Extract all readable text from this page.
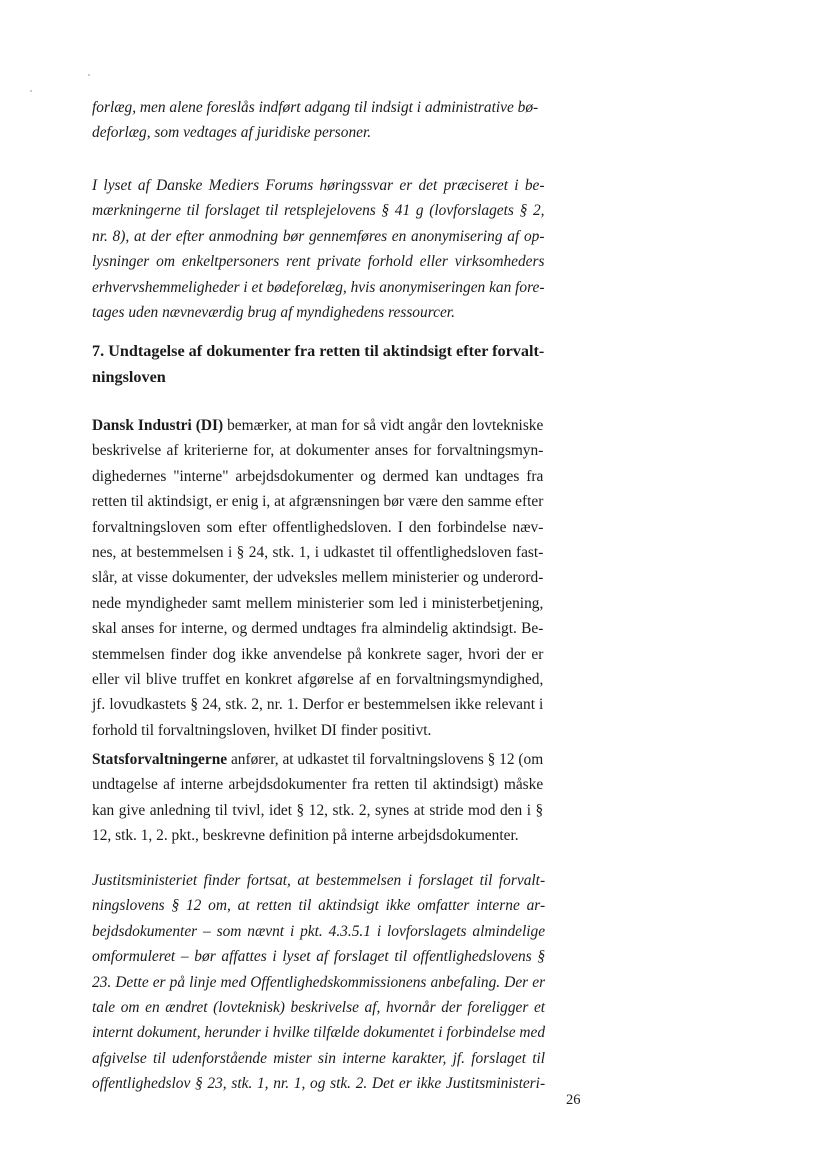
forlæg, men alene foreslås indført adgang til indsigt i administrative bø-
deforlæg, som vedtages af juridiske personer.

I lyset af Danske Mediers Forums høringssvar er det præciseret i be-
mærkningerne til forslaget til retsplejelovens § 41 g (lovforslagets § 2,
nr. 8), at der efter anmodning bør gennemføres en anonymisering af op-
lysninger om enkeltpersoners rent private forhold eller virksomheders
erhvervshemmeligheder i et bødeforelæg, hvis anonymiseringen kan fore-
tages uden nævneværdig brug af myndighedens ressourcer.

7. Undtagelse af dokumenter fra retten til aktindsigt efter forvalt-
ningsloven

Dansk Industri (DI) bemærker, at man for så vidt angår den lovtekniske
beskrivelse af kriterierne for, at dokumenter anses for forvaltningsmyn-
dighedernes "interne" arbejdsdokumenter og dermed kan undtages fra
retten til aktindsigt, er enig i, at afgrænsningen bør være den samme efter
forvaltningsloven som efter offentlighedsloven. I den forbindelse næv-
nes, at bestemmelsen i § 24, stk. 1, i udkastet til offentlighedsloven fast-
slår, at visse dokumenter, der udveksles mellem ministerier og underord-
nede myndigheder samt mellem ministerier som led i ministerbetjening,
skal anses for interne, og dermed undtages fra almindelig aktindsigt. Be-
stemmelsen finder dog ikke anvendelse på konkrete sager, hvori der er
eller vil blive truffet en konkret afgørelse af en forvaltningsmyndighed,
jf. lovudkastets § 24, stk. 2, nr. 1. Derfor er bestemmelsen ikke relevant i
forhold til forvaltningsloven, hvilket DI finder positivt.

Statsforvaltningerne anfører, at udkastet til forvaltningslovens § 12 (om
undtagelse af interne arbejdsdokumenter fra retten til aktindsigt) måske
kan give anledning til tvivl, idet § 12, stk. 2, synes at stride mod den i §
12, stk. 1, 2. pkt., beskrevne definition på interne arbejdsdokumenter.

Justitsministeriet finder fortsat, at bestemmelsen i forslaget til forvalt-
ningslovens § 12 om, at retten til aktindsigt ikke omfatter interne ar-
bejdsdokumenter – som nævnt i pkt. 4.3.5.1 i lovforslagets almindelige
omformuleret – bør affattes i lyset af forslaget til offentlighedslovens §
23. Dette er på linje med Offentlighedskommissionens anbefaling. Der er
tale om en ændret (lovteknisk) beskrivelse af, hvornår der foreligger et
internt dokument, herunder i hvilke tilfælde dokumentet i forbindelse med
afgivelse til udenforstående mister sin interne karakter, jf. forslaget til
offentlighedslov § 23, stk. 1, nr. 1, og stk. 2. Det er ikke Justitsministeri-

26
